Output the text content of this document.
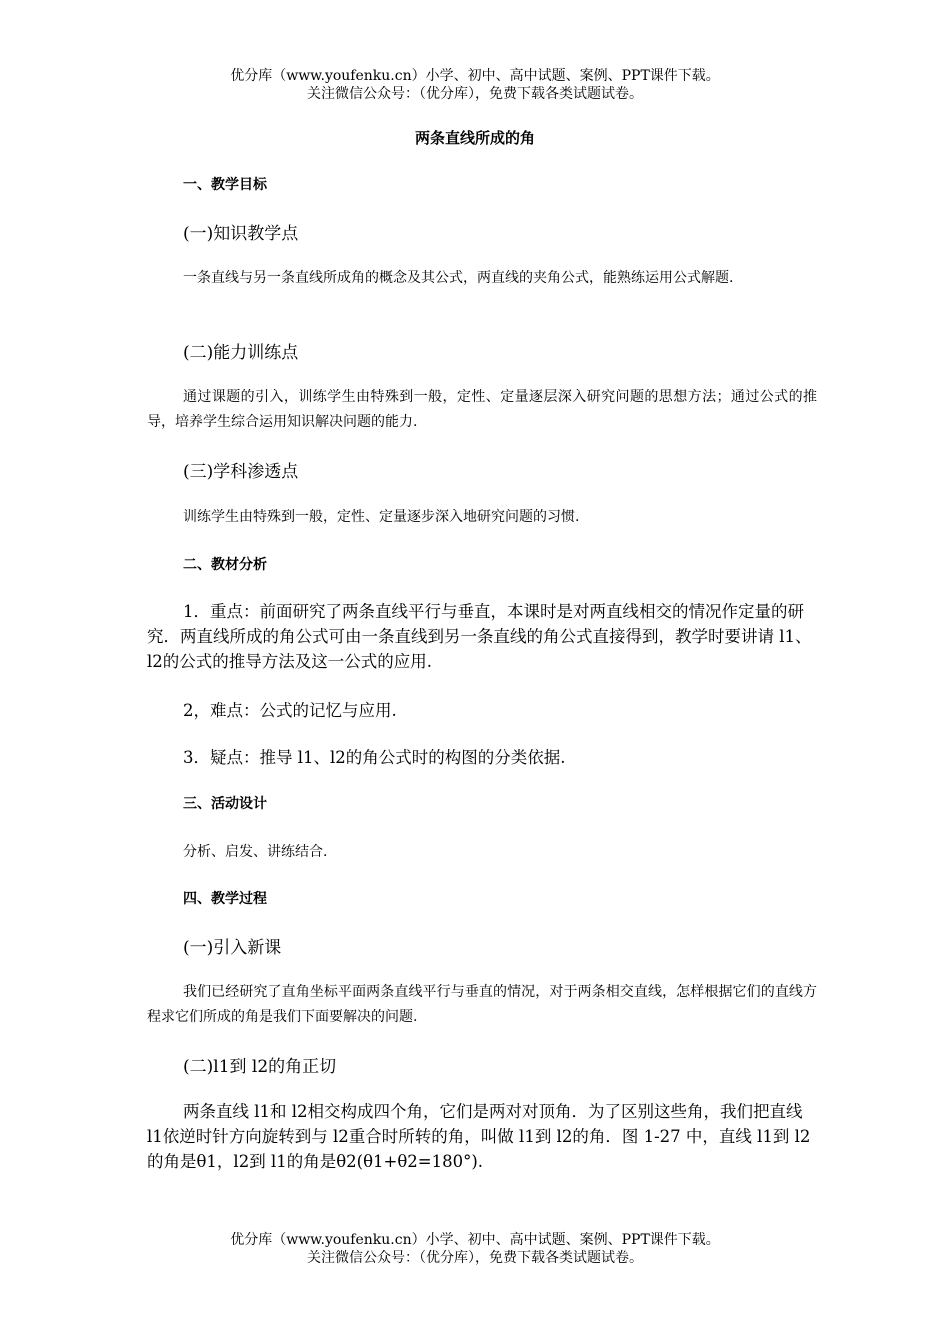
优分库（www.youfenku.cn）小学、初中、高中试题、案例、PPT课件下载。
关注微信公众号：（优分库），免费下载各类试题试卷。
两条直线所成的角
一、教学目标
(一)知识教学点
一条直线与另一条直线所成角的概念及其公式，两直线的夹角公式，能熟练运用公式解题.
(二)能力训练点
通过课题的引入，训练学生由特殊到一般，定性、定量逐层深入研究问题的思想方法；通过公式的推导，培养学生综合运用知识解决问题的能力.
(三)学科渗透点
训练学生由特殊到一般，定性、定量逐步深入地研究问题的习惯.
二、教材分析
1．重点：前面研究了两条直线平行与垂直，本课时是对两直线相交的情况作定量的研究．两直线所成的角公式可由一条直线到另一条直线的角公式直接得到，教学时要讲请 l1、l2的公式的推导方法及这一公式的应用.
2，难点：公式的记忆与应用.
3．疑点：推导 l1、l2的角公式时的构图的分类依据.
三、活动设计
分析、启发、讲练结合.
四、教学过程
(一)引入新课
我们已经研究了直角坐标平面两条直线平行与垂直的情况，对于两条相交直线，怎样根据它们的直线方程求它们所成的角是我们下面要解决的问题.
(二)l1到 l2的角正切
两条直线 l1和 l2相交构成四个角，它们是两对对顶角．为了区别这些角，我们把直线 l1依逆时针方向旋转到与 l2重合时所转的角，叫做 l1到 l2的角．图 1-27 中，直线 l1到 l2的角是θ1，l2到 l1的角是θ2(θ1+θ2=180°).
优分库（www.youfenku.cn）小学、初中、高中试题、案例、PPT课件下载。
关注微信公众号：（优分库），免费下载各类试题试卷。
